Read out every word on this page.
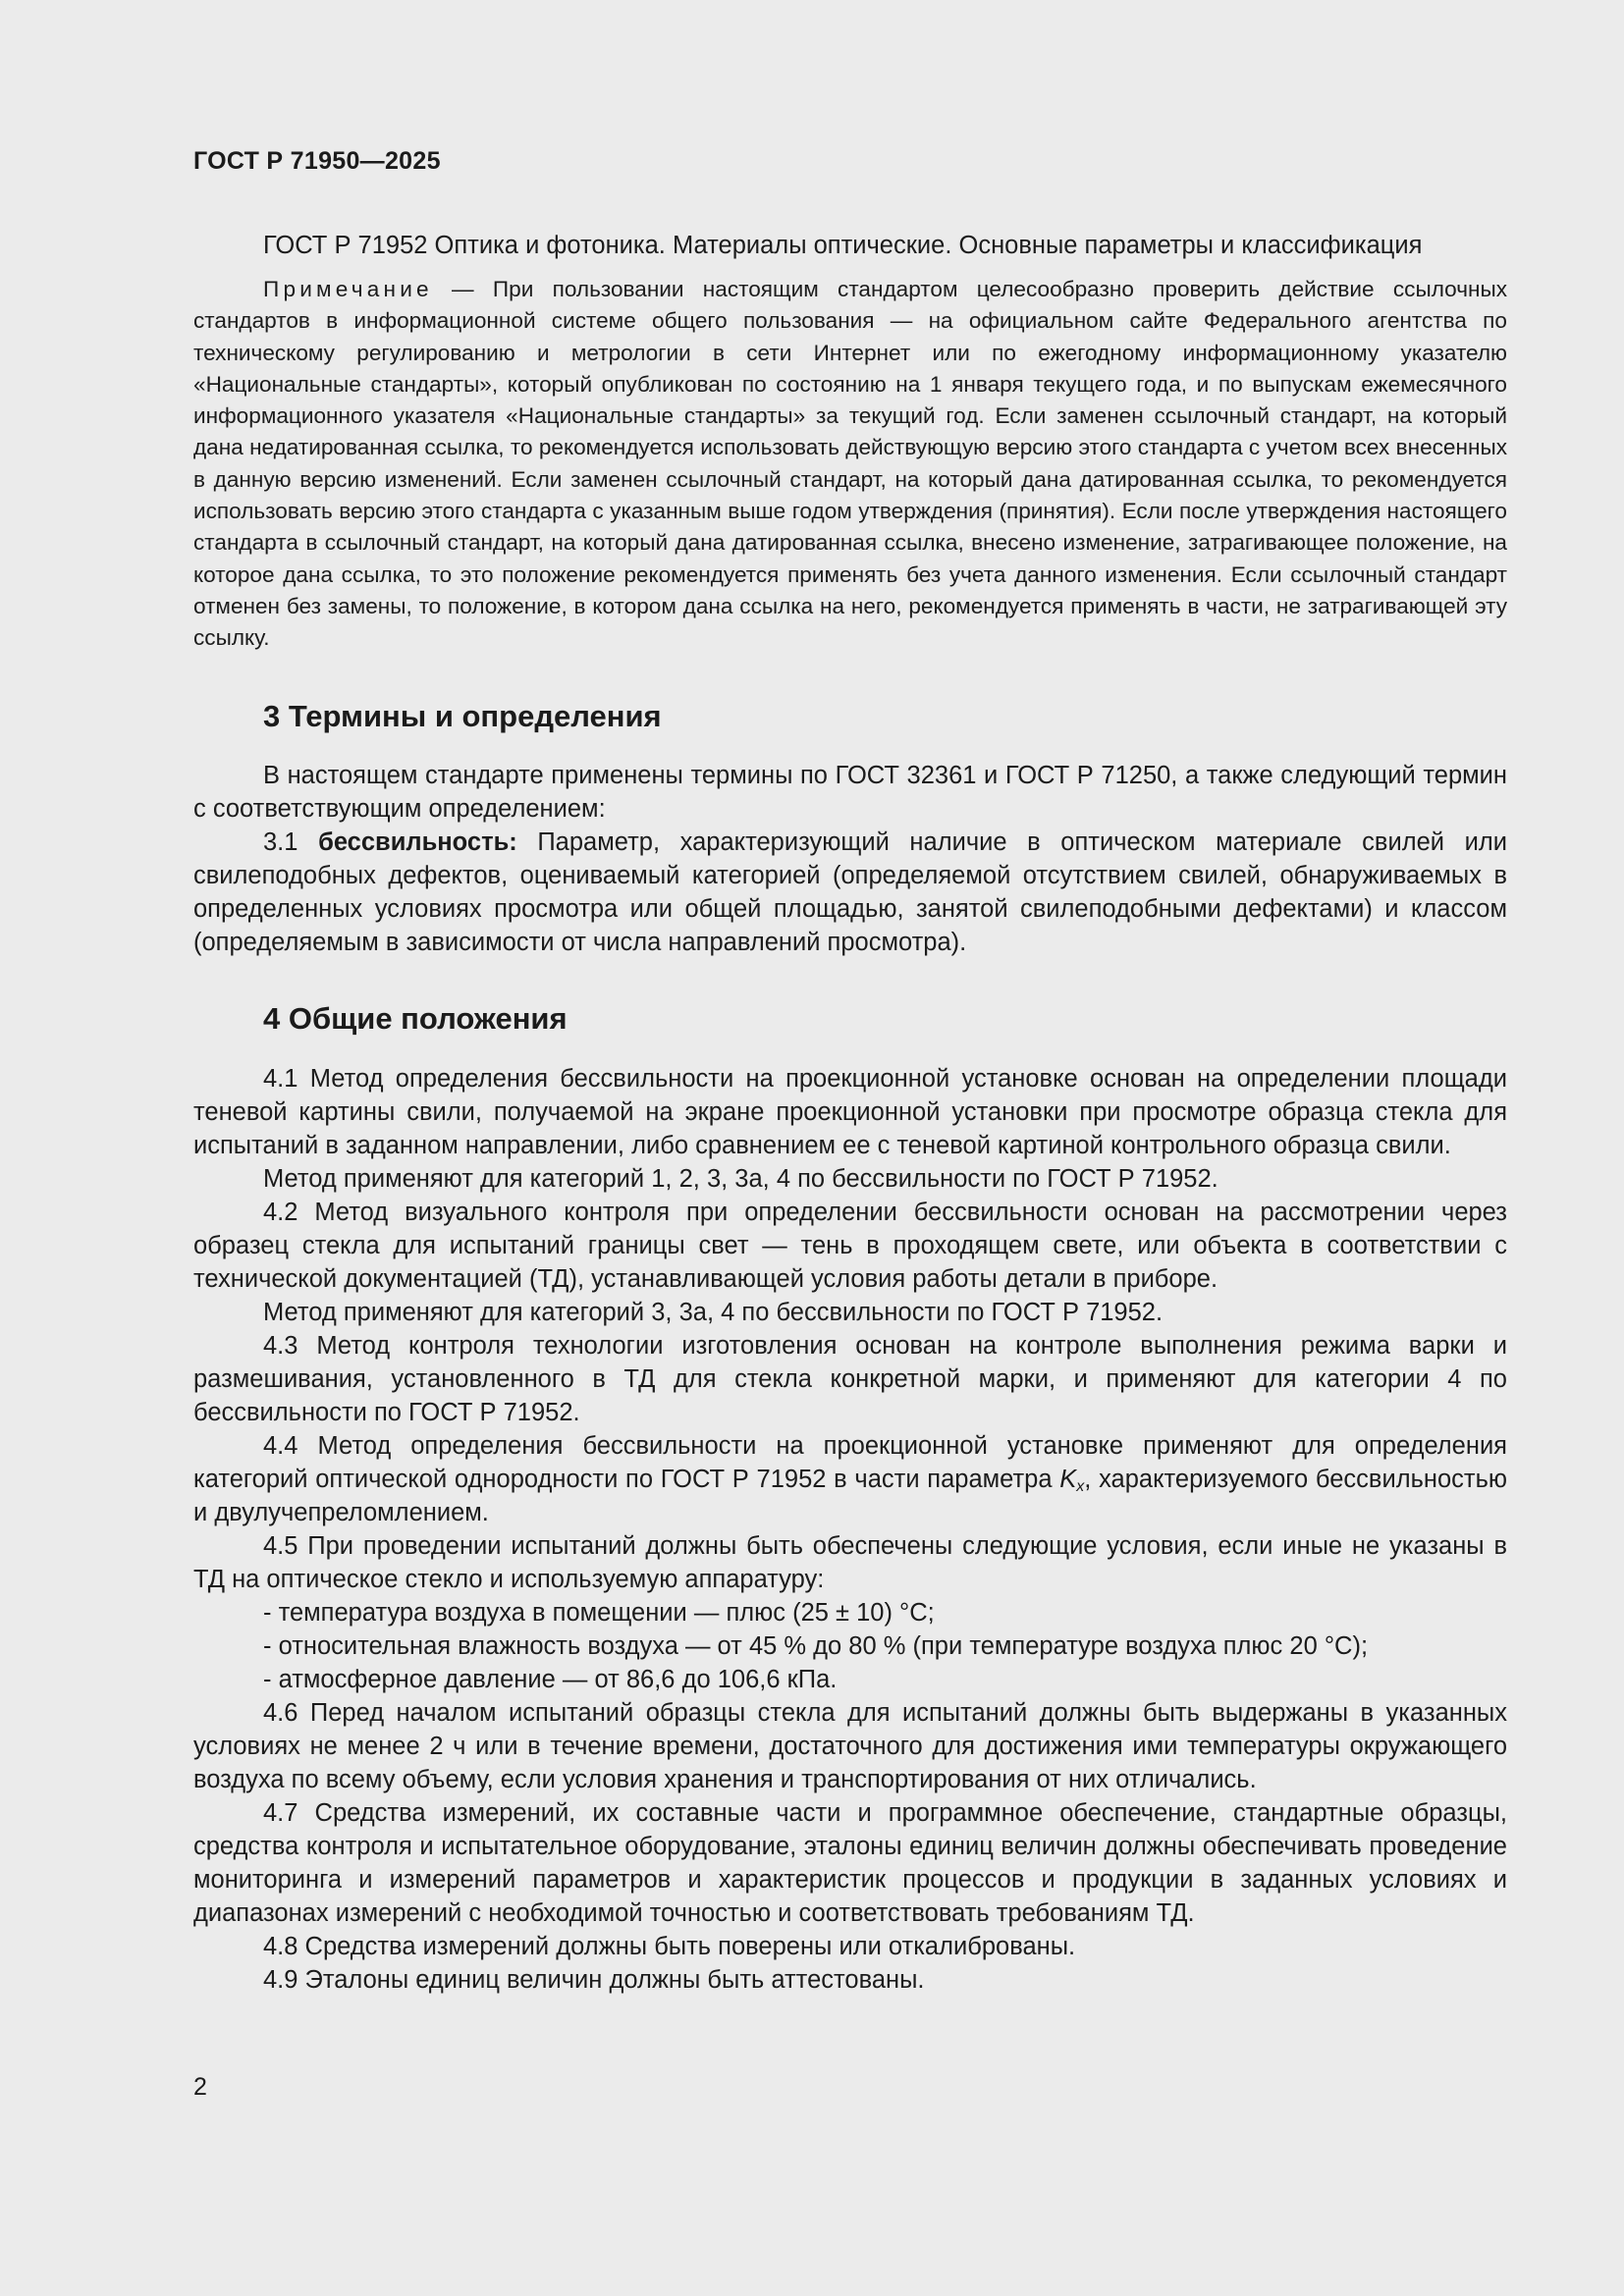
ГОСТ Р 71950—2025
ГОСТ Р 71952 Оптика и фотоника. Материалы оптические. Основные параметры и классификация
Примечание — При пользовании настоящим стандартом целесообразно проверить действие ссылочных стандартов в информационной системе общего пользования — на официальном сайте Федерального агентства по техническому регулированию и метрологии в сети Интернет или по ежегодному информационному указателю «Национальные стандарты», который опубликован по состоянию на 1 января текущего года, и по выпускам ежемесячного информационного указателя «Национальные стандарты» за текущий год. Если заменен ссылочный стандарт, на который дана недатированная ссылка, то рекомендуется использовать действующую версию этого стандарта с учетом всех внесенных в данную версию изменений. Если заменен ссылочный стандарт, на который дана датированная ссылка, то рекомендуется использовать версию этого стандарта с указанным выше годом утверждения (принятия). Если после утверждения настоящего стандарта в ссылочный стандарт, на который дана датированная ссылка, внесено изменение, затрагивающее положение, на которое дана ссылка, то это положение рекомендуется применять без учета данного изменения. Если ссылочный стандарт отменен без замены, то положение, в котором дана ссылка на него, рекомендуется применять в части, не затрагивающей эту ссылку.
3 Термины и определения

В настоящем стандарте применены термины по ГОСТ 32361 и ГОСТ Р 71250, а также следующий термин с соответствующим определением:

3.1 бессвильность: Параметр, характеризующий наличие в оптическом материале свилей или свилеподобных дефектов, оцениваемый категорией (определяемой отсутствием свилей, обнаруживаемых в определенных условиях просмотра или общей площадью, занятой свилеподобными дефектами) и классом (определяемым в зависимости от числа направлений просмотра).

4 Общие положения

4.1 Метод определения бессвильности на проекционной установке основан на определении площади теневой картины свили, получаемой на экране проекционной установки при просмотре образца стекла для испытаний в заданном направлении, либо сравнением ее с теневой картиной контрольного образца свили.

Метод применяют для категорий 1, 2, 3, 3а, 4 по бессвильности по ГОСТ Р 71952.

4.2 Метод визуального контроля при определении бессвильности основан на рассмотрении через образец стекла для испытаний границы свет — тень в проходящем свете, или объекта в соответствии с технической документацией (ТД), устанавливающей условия работы детали в приборе.

Метод применяют для категорий 3, 3а, 4 по бессвильности по ГОСТ Р 71952.

4.3 Метод контроля технологии изготовления основан на контроле выполнения режима варки и размешивания, установленного в ТД для стекла конкретной марки, и применяют для категории 4 по бессвильности по ГОСТ Р 71952.

4.4 Метод определения бессвильности на проекционной установке применяют для определения категорий оптической однородности по ГОСТ Р 71952 в части параметра $K_x$, характеризуемого бессвильностью и двулучепреломлением.

4.5 При проведении испытаний должны быть обеспечены следующие условия, если иные не указаны в ТД на оптическое стекло и используемую аппаратуру:

- температура воздуха в помещении — плюс (25 ± 10) °С;

- относительная влажность воздуха — от 45 % до 80 % (при температуре воздуха плюс 20 °С);

- атмосферное давление — от 86,6 до 106,6 кПа.

4.6 Перед началом испытаний образцы стекла для испытаний должны быть выдержаны в указанных условиях не менее 2 ч или в течение времени, достаточного для достижения ими температуры окружающего воздуха по всему объему, если условия хранения и транспортирования от них отличались.

4.7 Средства измерений, их составные части и программное обеспечение, стандартные образцы, средства контроля и испытательное оборудование, эталоны единиц величин должны обеспечивать проведение мониторинга и измерений параметров и характеристик процессов и продукции в заданных условиях и диапазонах измерений с необходимой точностью и соответствовать требованиям ТД.

4.8 Средства измерений должны быть поверены или откалиброваны.

4.9 Эталоны единиц величин должны быть аттестованы.

2
